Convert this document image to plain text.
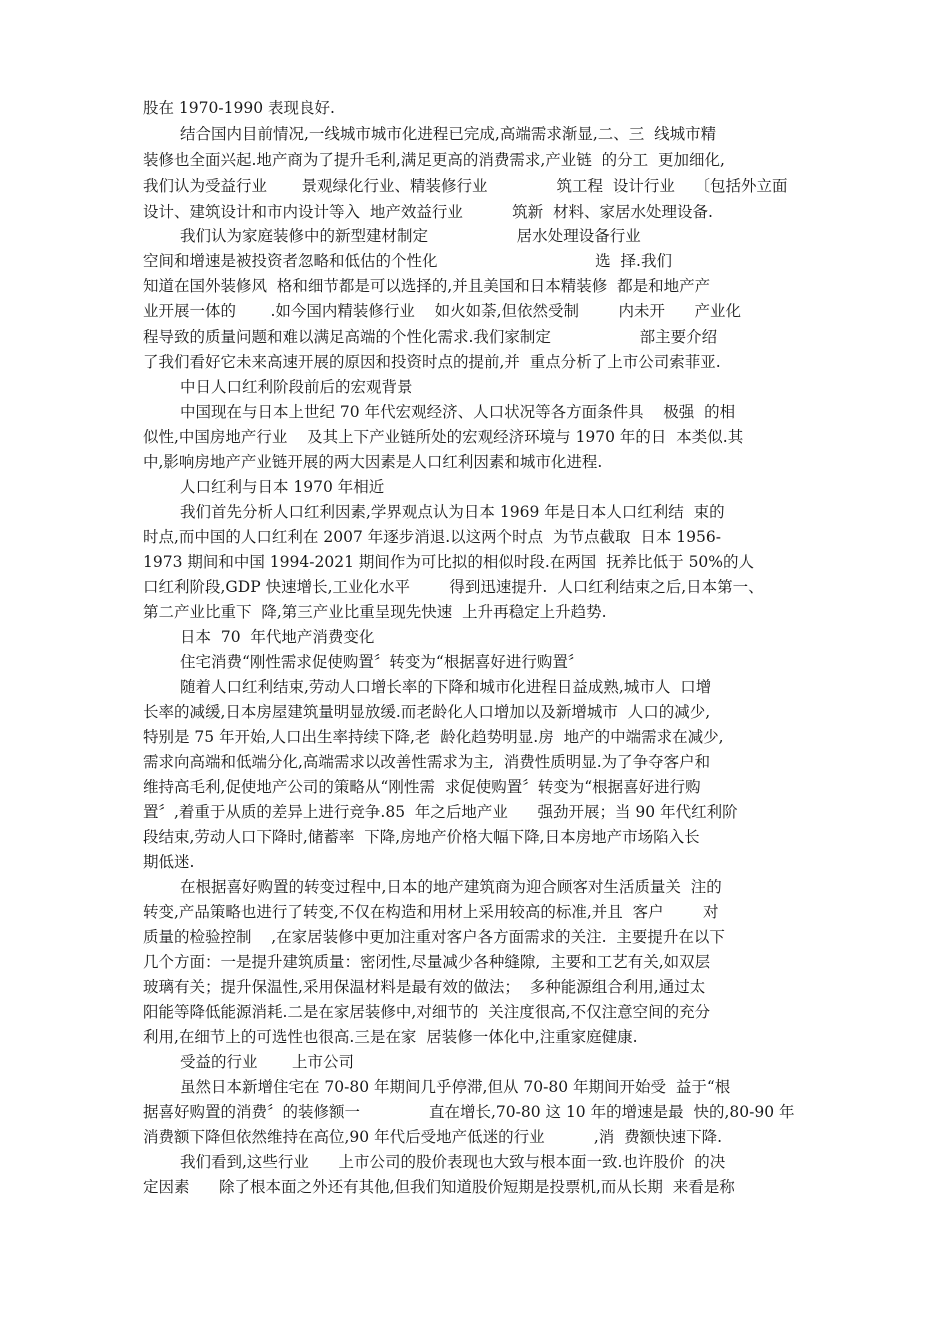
股在 1970-1990 表现良好.
结合国内目前情况,一线城市城市化进程已完成,高端需求渐显,二、三  线城市精
装修也全面兴起.地产商为了提升毛利,满足更高的消费需求,产业链  的分工  更加细化,
我们认为受益行业       景观绿化行业、精装修行业              筑工程  设计行业    〔包括外立面
设计、建筑设计和市内设计等入  地产效益行业          筑新  材料、家居水处理设备.
我们认为家庭装修中的新型建材制定                  居水处理设备行业
空间和增速是被投资者忽略和低估的个性化                                选  择.我们
知道在国外装修风  格和细节都是可以选择的,并且美国和日本精装修  都是和地产产
业开展一体的       .如今国内精装修行业    如火如荼,但依然受制        内未开      产业化
程导致的质量问题和难以满足高端的个性化需求.我们家制定                  部主要介绍
了我们看好它未来高速开展的原因和投资时点的提前,并  重点分析了上市公司索菲亚.
中日人口红利阶段前后的宏观背景
中国现在与日本上世纪 70 年代宏观经济、人口状况等各方面条件具    极强  的相
似性,中国房地产行业    及其上下产业链所处的宏观经济环境与 1970 年的日  本类似.其
中,影响房地产产业链开展的两大因素是人口红利因素和城市化进程.
人口红利与日本 1970 年相近
我们首先分析人口红利因素,学界观点认为日本 1969 年是日本人口红利结  束的
时点,而中国的人口红利在 2007 年逐步消退.以这两个时点  为节点截取  日本 1956-
1973 期间和中国 1994-2021 期间作为可比拟的相似时段.在两国  抚养比低于 50%的人
口红利阶段,GDP 快速增长,工业化水平        得到迅速提升.  人口红利结束之后,日本第一、
第二产业比重下  降,第三产业比重呈现先快速  上升再稳定上升趋势.
日本  70  年代地产消费变化
住宅消费“刚性需求促使购置〞转变为“根据喜好进行购置〞
随着人口红利结束,劳动人口增长率的下降和城市化进程日益成熟,城市人  口增
长率的减缓,日本房屋建筑量明显放缓.而老龄化人口增加以及新增城市  人口的减少,
特别是 75 年开始,人口出生率持续下降,老  龄化趋势明显.房  地产的中端需求在减少,
需求向高端和低端分化,高端需求以改善性需求为主,  消费性质明显.为了争夺客户和
维持高毛利,促使地产公司的策略从“刚性需  求促使购置〞转变为“根据喜好进行购
置〞,着重于从质的差异上进行竞争.85  年之后地产业      强劲开展；当 90 年代红利阶
段结束,劳动人口下降时,储蓄率  下降,房地产价格大幅下降,日本房地产市场陷入长
期低迷.
在根据喜好购置的转变过程中,日本的地产建筑商为迎合顾客对生活质量关  注的
转变,产品策略也进行了转变,不仅在构造和用材上采用较高的标准,并且  客户        对
质量的检验控制    ,在家居装修中更加注重对客户各方面需求的关注.  主要提升在以下
几个方面：一是提升建筑质量：密闭性,尽量减少各种缝隙,  主要和工艺有关,如双层
玻璃有关；提升保温性,采用保温材料是最有效的做法；  多种能源组合利用,通过太
阳能等降低能源消耗.二是在家居装修中,对细节的  关注度很高,不仅注意空间的充分
利用,在细节上的可选性也很高.三是在家  居装修一体化中,注重家庭健康.
受益的行业       上市公司
虽然日本新增住宅在 70-80 年期间几乎停滞,但从 70-80 年期间开始受  益于“根
据喜好购置的消费〞的装修额一              直在增长,70-80 这 10 年的增速是最  快的,80-90 年
消费额下降但依然维持在高位,90 年代后受地产低迷的行业          ,消  费额快速下降.
我们看到,这些行业      上市公司的股价表现也大致与根本面一致.也许股价  的决
定因素      除了根本面之外还有其他,但我们知道股价短期是投票机,而从长期  来看是称
